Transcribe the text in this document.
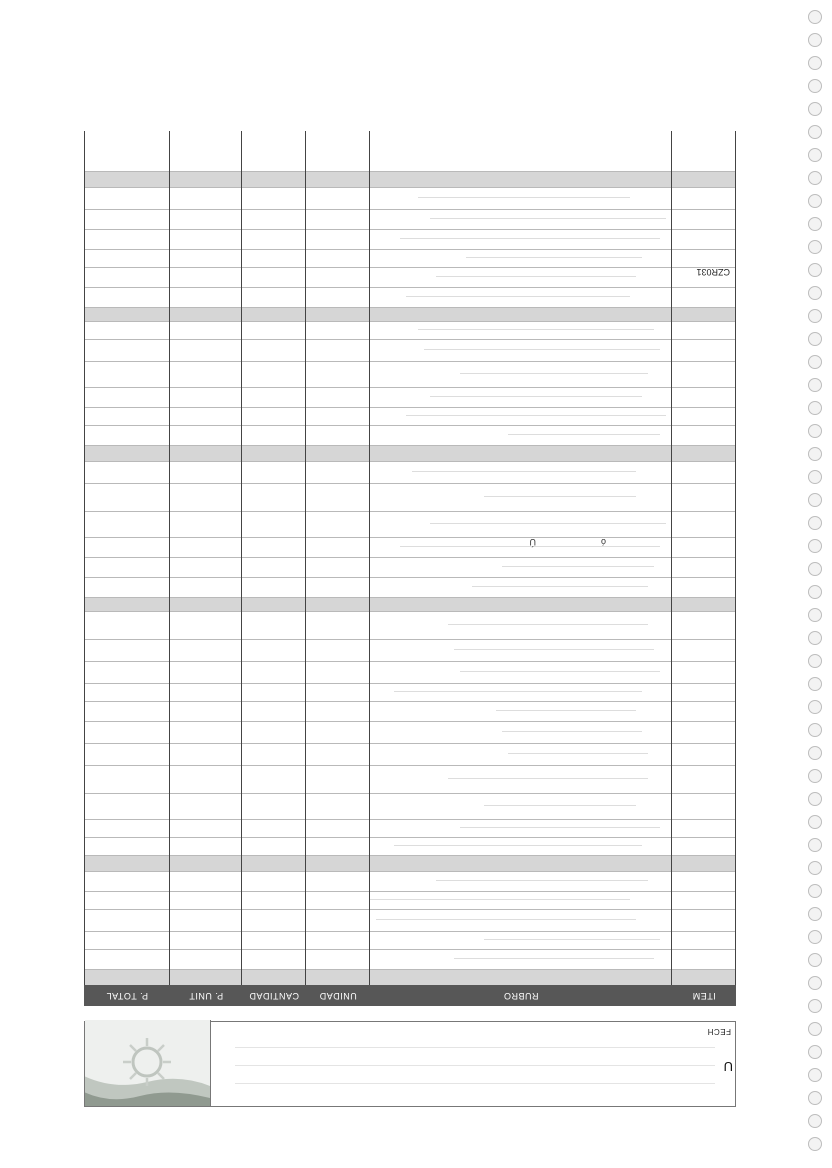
U
FECH
ITEM
RUBRO
UNIDAD
CANTIDAD
P. UNIT
P. TOTAL
Ú	ó
CZR031
